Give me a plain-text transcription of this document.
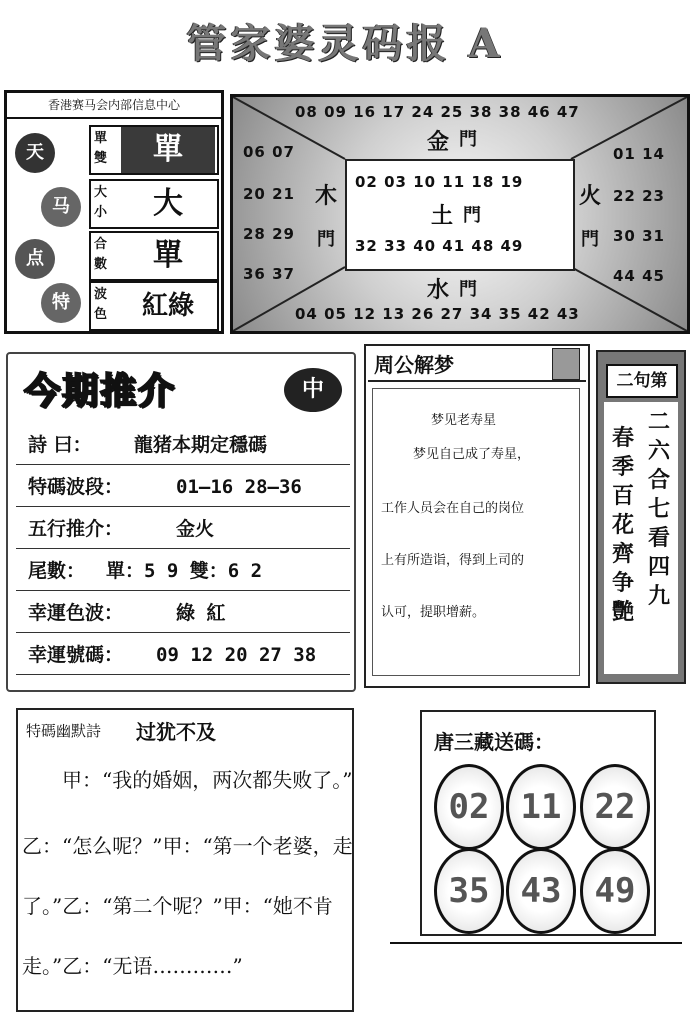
管家婆灵码报 A
香港赛马会内部信息中心
天
马
点
特
單
雙	單
大
小	大
合
數	單
波
色	紅綠
08 09 16 17 24 25 38 38 46 47
金 門
06 07
20 21
28 29
36 37
木
門
02 03 10 11 18 19
土 門
32 33 40 41 48 49
01 14
22 23
30 31
44 45
火
門
水 門
04 05 12 13 26 27 34 35 42 43
今期推介	中
詩 曰： 龍猪本期定穩碼
特碼波段：	01—16 28—36
五行推介：	金火
尾數： 單：5 9 雙：6 2
幸運色波：	綠 紅
幸運號碼： 09 12 20 27 38
周公解梦
梦见老寿星
梦见自己成了寿星，
工作人员会在自己的岗位
上有所造诣，得到上司的
认可，提职增薪。
二句第
二
六
合
七
看
四
九
春
季
百
花
齊
争
艷
特碼幽默詩 过犹不及
甲：“我的婚姻，两次都失败了。”
乙：“怎么呢？”甲：“第一个老婆，走
了。”乙：“第二个呢？”甲：“她不肯
走。”乙：“无语…………”
唐三藏送碼：
02 11 22
35 43 49
